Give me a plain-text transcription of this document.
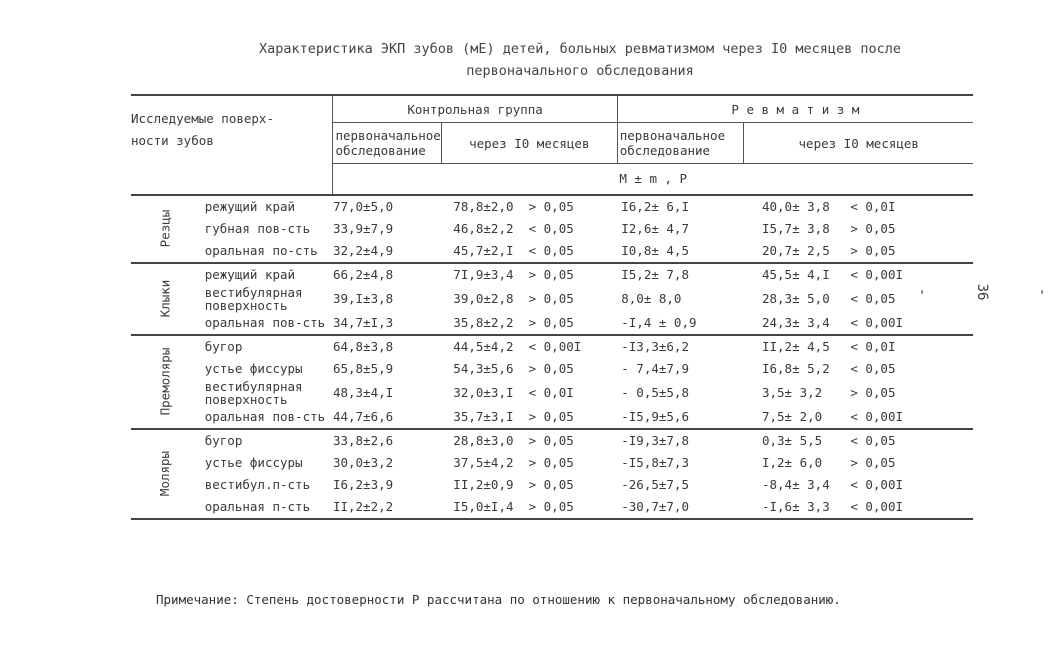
Характеристика ЭКП зубов (мЕ) детей, больных ревматизмом через I0 месяцев после
первоначального обследования
- 36 -
Исследуемые поверх-ности зубов		Контрольная группа			Р е в м а т и з м		
		первоначальное обследование	через I0 месяцев		первоначальное обследование	через I0 месяцев	
		М ± m , Р					
Резцы	режущий край	77,0±5,0	78,8±2,0	> 0,05	I6,2± 6,I	40,0± 3,8	< 0,0I
	губная пов-сть	33,9±7,9	46,8±2,2	< 0,05	I2,6± 4,7	I5,7± 3,8	> 0,05
	оральная по-сть	32,2±4,9	45,7±2,I	< 0,05	I0,8± 4,5	20,7± 2,5	> 0,05
Клыки	режущий край	66,2±4,8	7I,9±3,4	> 0,05	I5,2± 7,8	45,5± 4,I	< 0,00I
	вестибулярная поверхность	39,I±3,8	39,0±2,8	> 0,05	8,0± 8,0	28,3± 5,0	< 0,05
	оральная пов-сть	34,7±I,3	35,8±2,2	> 0,05	-I,4 ± 0,9	24,3± 3,4	< 0,00I
Премоляры	бугор	64,8±3,8	44,5±4,2	< 0,00I	-I3,3±6,2	II,2± 4,5	< 0,0I
	устье фиссуры	65,8±5,9	54,3±5,6	> 0,05	- 7,4±7,9	I6,8± 5,2	< 0,05
	вестибулярная поверхность	48,3±4,I	32,0±3,I	< 0,0I	- 0,5±5,8	3,5± 3,2	> 0,05
	оральная пов-сть	44,7±6,6	35,7±3,I	> 0,05	-I5,9±5,6	7,5± 2,0	< 0,00I
Моляры	бугор	33,8±2,6	28,8±3,0	> 0,05	-I9,3±7,8	0,3± 5,5	< 0,05
	устье фиссуры	30,0±3,2	37,5±4,2	> 0,05	-I5,8±7,3	I,2± 6,0	> 0,05
	вестибул.п-сть	I6,2±3,9	II,2±0,9	> 0,05	-26,5±7,5	-8,4± 3,4	< 0,00I
	оральная п-сть	II,2±2,2	I5,0±I,4	> 0,05	-30,7±7,0	-I,6± 3,3	< 0,00I
Примечание: Степень достоверности Р рассчитана по отношению к первоначальному обследованию.
